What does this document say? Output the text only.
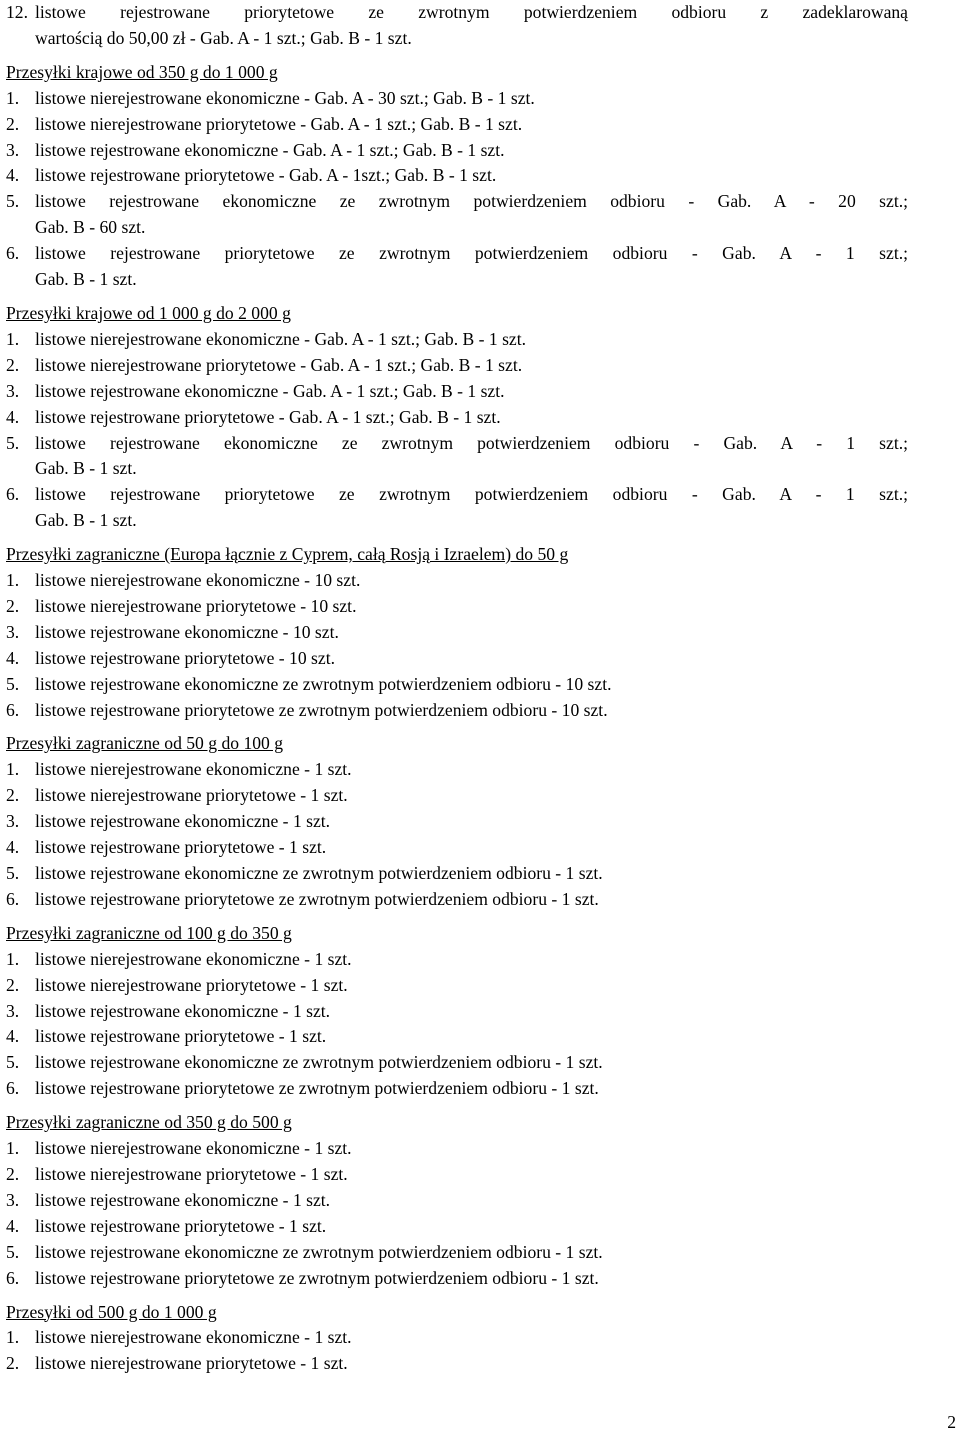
12. listowe rejestrowane priorytetowe ze zwrotnym potwierdzeniem odbioru z zadeklarowaną
wartością do 50,00 zł - Gab. A - 1 szt.; Gab. B - 1 szt.
Przesyłki krajowe od 350 g do 1 000 g
1. listowe nierejestrowane ekonomiczne - Gab. A - 30 szt.; Gab. B - 1 szt.
2. listowe nierejestrowane priorytetowe - Gab. A - 1 szt.; Gab. B - 1 szt.
3. listowe rejestrowane ekonomiczne - Gab. A - 1 szt.; Gab. B - 1 szt.
4. listowe rejestrowane priorytetowe - Gab. A - 1szt.; Gab. B - 1 szt.
5. listowe rejestrowane ekonomiczne ze zwrotnym potwierdzeniem odbioru - Gab. A - 20 szt.;
Gab. B - 60 szt.
6. listowe rejestrowane priorytetowe ze zwrotnym potwierdzeniem odbioru - Gab. A - 1 szt.;
Gab. B - 1 szt.
Przesyłki krajowe od 1 000 g do 2 000 g
1. listowe nierejestrowane ekonomiczne - Gab. A - 1 szt.; Gab. B - 1 szt.
2. listowe nierejestrowane priorytetowe - Gab. A - 1 szt.; Gab. B - 1 szt.
3. listowe rejestrowane ekonomiczne - Gab. A - 1 szt.; Gab. B - 1 szt.
4. listowe rejestrowane priorytetowe - Gab. A - 1 szt.; Gab. B - 1 szt.
5. listowe rejestrowane ekonomiczne ze zwrotnym potwierdzeniem odbioru - Gab. A - 1 szt.;
Gab. B - 1 szt.
6. listowe rejestrowane priorytetowe ze zwrotnym potwierdzeniem odbioru - Gab. A - 1 szt.;
Gab. B - 1 szt.
Przesyłki zagraniczne (Europa łącznie z Cyprem, całą Rosją i Izraelem) do 50 g
1. listowe nierejestrowane ekonomiczne - 10 szt.
2. listowe nierejestrowane priorytetowe - 10 szt.
3. listowe rejestrowane ekonomiczne - 10 szt.
4. listowe rejestrowane priorytetowe - 10 szt.
5. listowe rejestrowane ekonomiczne ze zwrotnym potwierdzeniem odbioru - 10 szt.
6. listowe rejestrowane priorytetowe ze zwrotnym potwierdzeniem odbioru - 10 szt.
Przesyłki zagraniczne od 50 g do 100 g
1. listowe nierejestrowane ekonomiczne - 1 szt.
2. listowe nierejestrowane priorytetowe - 1 szt.
3. listowe rejestrowane ekonomiczne - 1 szt.
4. listowe rejestrowane priorytetowe - 1 szt.
5. listowe rejestrowane ekonomiczne ze zwrotnym potwierdzeniem odbioru - 1 szt.
6. listowe rejestrowane priorytetowe ze zwrotnym potwierdzeniem odbioru - 1 szt.
Przesyłki zagraniczne od 100 g do 350 g
1. listowe nierejestrowane ekonomiczne - 1 szt.
2. listowe nierejestrowane priorytetowe - 1 szt.
3. listowe rejestrowane ekonomiczne - 1 szt.
4. listowe rejestrowane priorytetowe - 1 szt.
5. listowe rejestrowane ekonomiczne ze zwrotnym potwierdzeniem odbioru - 1 szt.
6. listowe rejestrowane priorytetowe ze zwrotnym potwierdzeniem odbioru - 1 szt.
Przesyłki zagraniczne od 350 g do 500 g
1. listowe nierejestrowane ekonomiczne - 1 szt.
2. listowe nierejestrowane priorytetowe - 1 szt.
3. listowe rejestrowane ekonomiczne - 1 szt.
4. listowe rejestrowane priorytetowe - 1 szt.
5. listowe rejestrowane ekonomiczne ze zwrotnym potwierdzeniem odbioru - 1 szt.
6. listowe rejestrowane priorytetowe ze zwrotnym potwierdzeniem odbioru - 1 szt.
Przesyłki od 500 g do 1 000 g
1. listowe nierejestrowane ekonomiczne - 1 szt.
2. listowe nierejestrowane priorytetowe - 1 szt.
2
